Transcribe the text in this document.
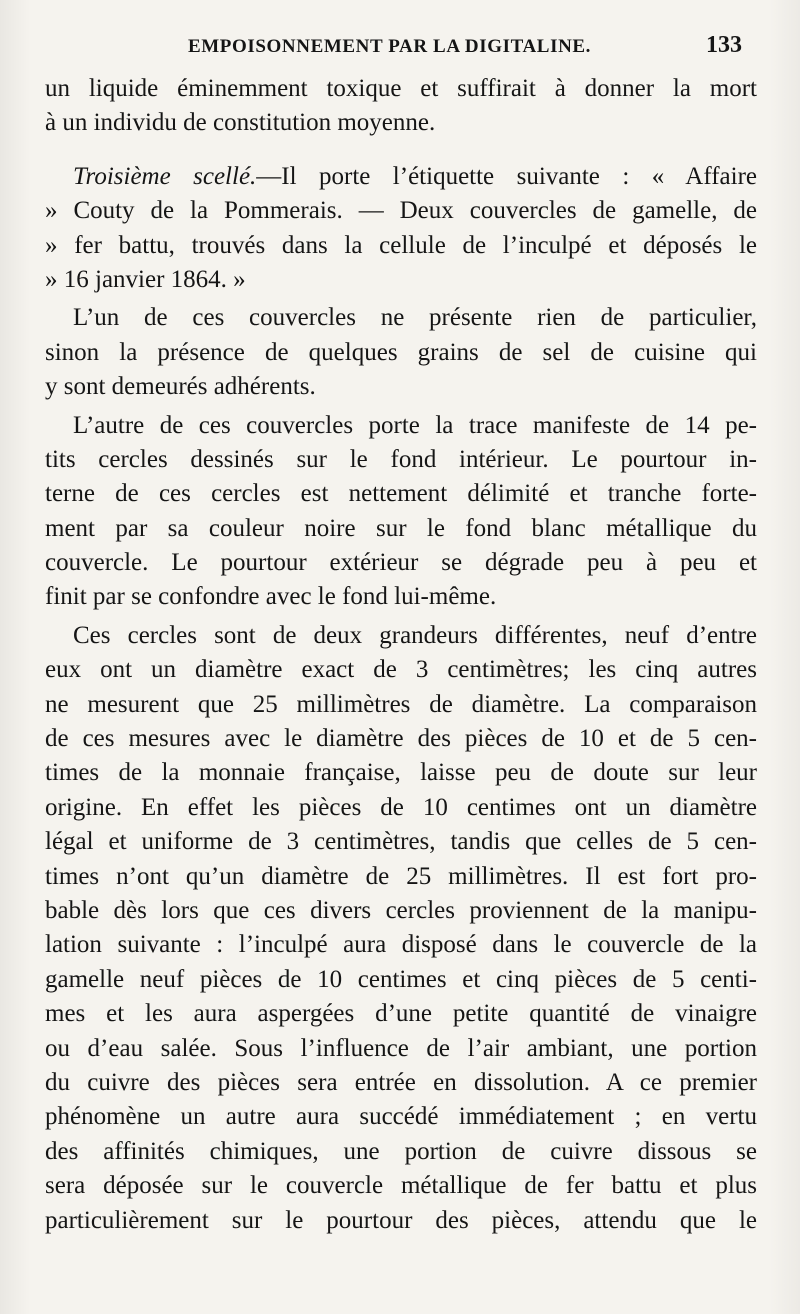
EMPOISONNEMENT PAR LA DIGITALINE.	133
un liquide éminemment toxique et suffirait à donner la mort
à un individu de constitution moyenne.
Troisième scellé.—Il porte l’étiquette suivante : « Affaire
» Couty de la Pommerais. — Deux couvercles de gamelle, de
» fer battu, trouvés dans la cellule de l’inculpé et déposés le
» 16 janvier 1864. »
L’un de ces couvercles ne présente rien de particulier,
sinon la présence de quelques grains de sel de cuisine qui
y sont demeurés adhérents.
L’autre de ces couvercles porte la trace manifeste de 14 pe-
tits cercles dessinés sur le fond intérieur. Le pourtour in-
terne de ces cercles est nettement délimité et tranche forte-
ment par sa couleur noire sur le fond blanc métallique du
couvercle. Le pourtour extérieur se dégrade peu à peu et
finit par se confondre avec le fond lui-même.
Ces cercles sont de deux grandeurs différentes, neuf d’entre
eux ont un diamètre exact de 3 centimètres; les cinq autres
ne mesurent que 25 millimètres de diamètre. La comparaison
de ces mesures avec le diamètre des pièces de 10 et de 5 cen-
times de la monnaie française, laisse peu de doute sur leur
origine. En effet les pièces de 10 centimes ont un diamètre
légal et uniforme de 3 centimètres, tandis que celles de 5 cen-
times n’ont qu’un diamètre de 25 millimètres. Il est fort pro-
bable dès lors que ces divers cercles proviennent de la manipu-
lation suivante : l’inculpé aura disposé dans le couvercle de la
gamelle neuf pièces de 10 centimes et cinq pièces de 5 centi-
mes et les aura aspergées d’une petite quantité de vinaigre
ou d’eau salée. Sous l’influence de l’air ambiant, une portion
du cuivre des pièces sera entrée en dissolution. A ce premier
phénomène un autre aura succédé immédiatement ; en vertu
des affinités chimiques, une portion de cuivre dissous se
sera déposée sur le couvercle métallique de fer battu et plus
particulièrement sur le pourtour des pièces, attendu que le
